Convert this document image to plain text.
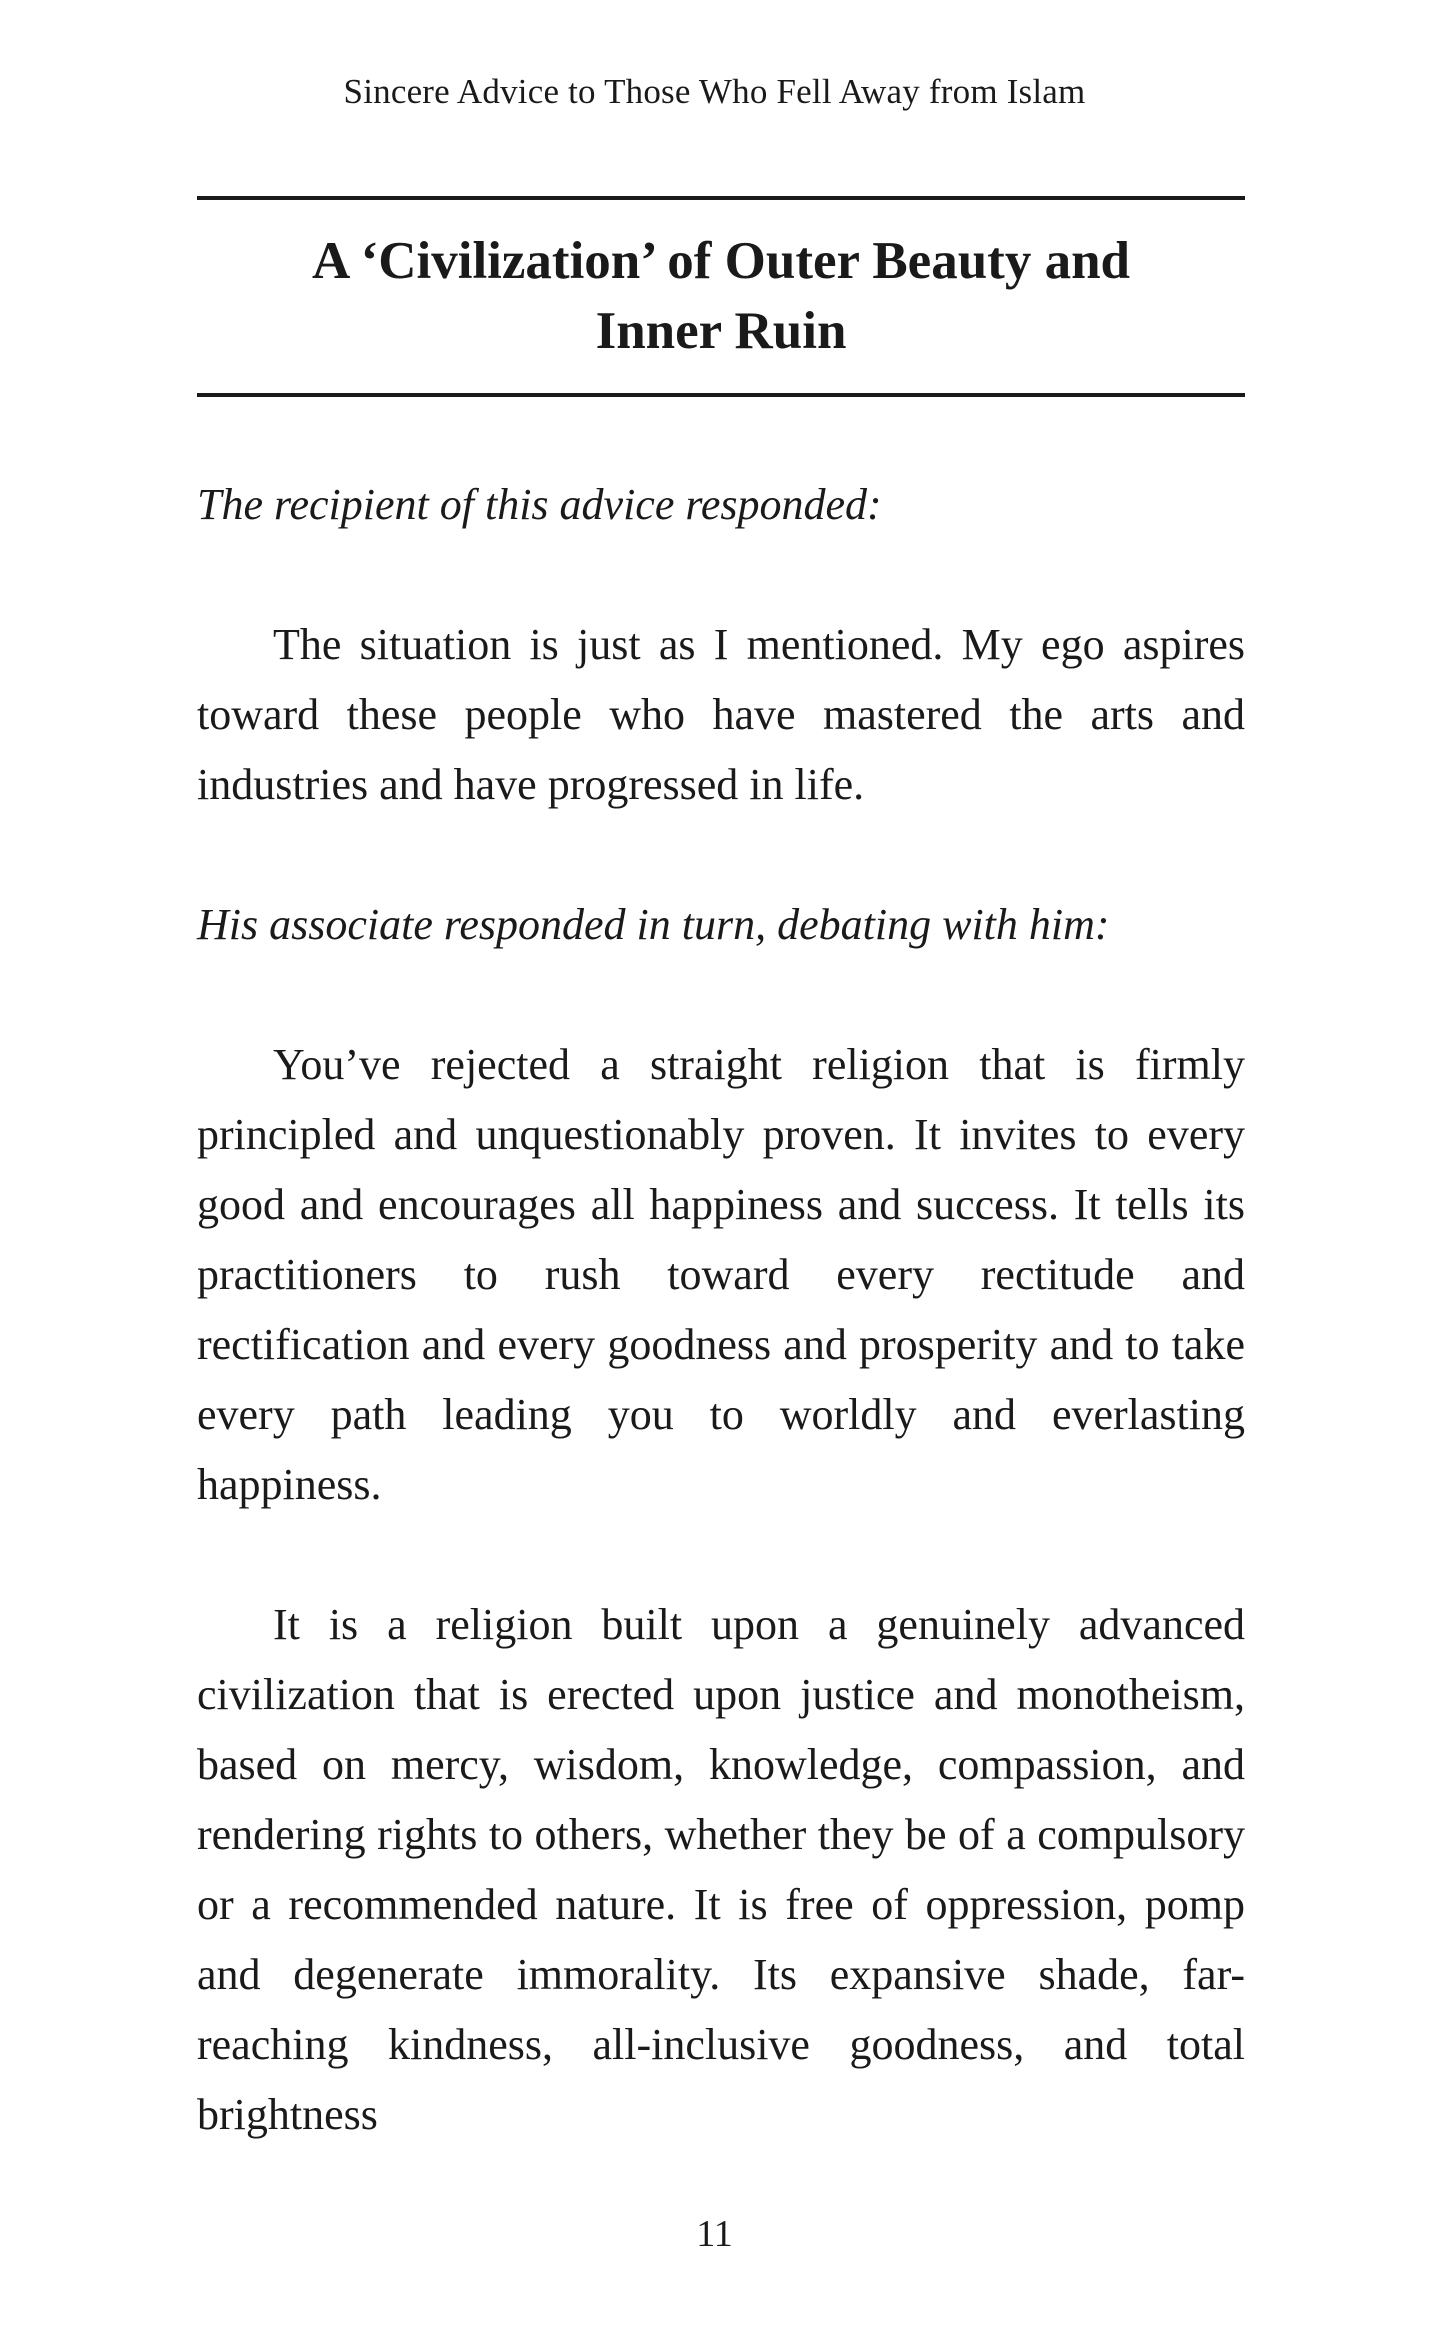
Sincere Advice to Those Who Fell Away from Islam
A ‘Civilization’ of Outer Beauty and
Inner Ruin
The recipient of this advice responded:
The situation is just as I mentioned. My ego aspires toward these people who have mastered the arts and industries and have progressed in life.
His associate responded in turn, debating with him:
You’ve rejected a straight religion that is firmly principled and unquestionably proven. It invites to every good and encourages all happiness and success. It tells its practitioners to rush toward every rectitude and rectification and every goodness and prosperity and to take every path leading you to worldly and everlasting happiness.
It is a religion built upon a genuinely advanced civilization that is erected upon justice and monotheism, based on mercy, wisdom, knowledge, compassion, and rendering rights to others, whether they be of a compulsory or a recommended nature. It is free of oppression, pomp and degenerate immorality. Its expansive shade, far-reaching kindness, all-inclusive goodness, and total brightness
11
